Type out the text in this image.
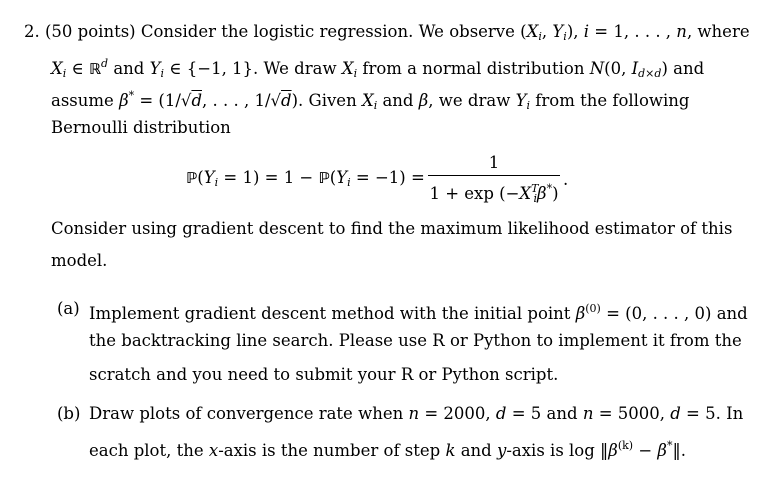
2. (50 points) Consider the logistic regression. We observe ($X_i$, $Y_i$), i = 1, . . . , n, where
$X_i$ ∈ ℝ$^d$ and $Y_i$ ∈ {−1, 1}. We draw $X_i$ from a normal distribution N(0, $I_{d\times d}$) and
assume β* = (1/√d, . . . , 1/√d). Given $X_i$ and β, we draw $Y_i$ from the following
Bernoulli distribution
$ℙ(Y_i = 1) = 1$ − $ℙ(Y_i = -1)$ =
1
$1 + \exp (-X^T_i\beta^*)$
.
Consider using gradient descent to find the maximum likelihood estimator of this
model.
(a) Implement gradient descent method with the initial point $\beta^{(0)} = (0$, . . . , 0) and
the backtracking line search. Please use R or Python to implement it from the
scratch and you need to submit your R or Python script.
(b) Draw plots of convergence rate when n = 2000, d = 5 and n = 5000, d = 5. In
each plot, the x-axis is the number of step k and y-axis is $\log ‖\beta^{(k)}$ − β*‖.
